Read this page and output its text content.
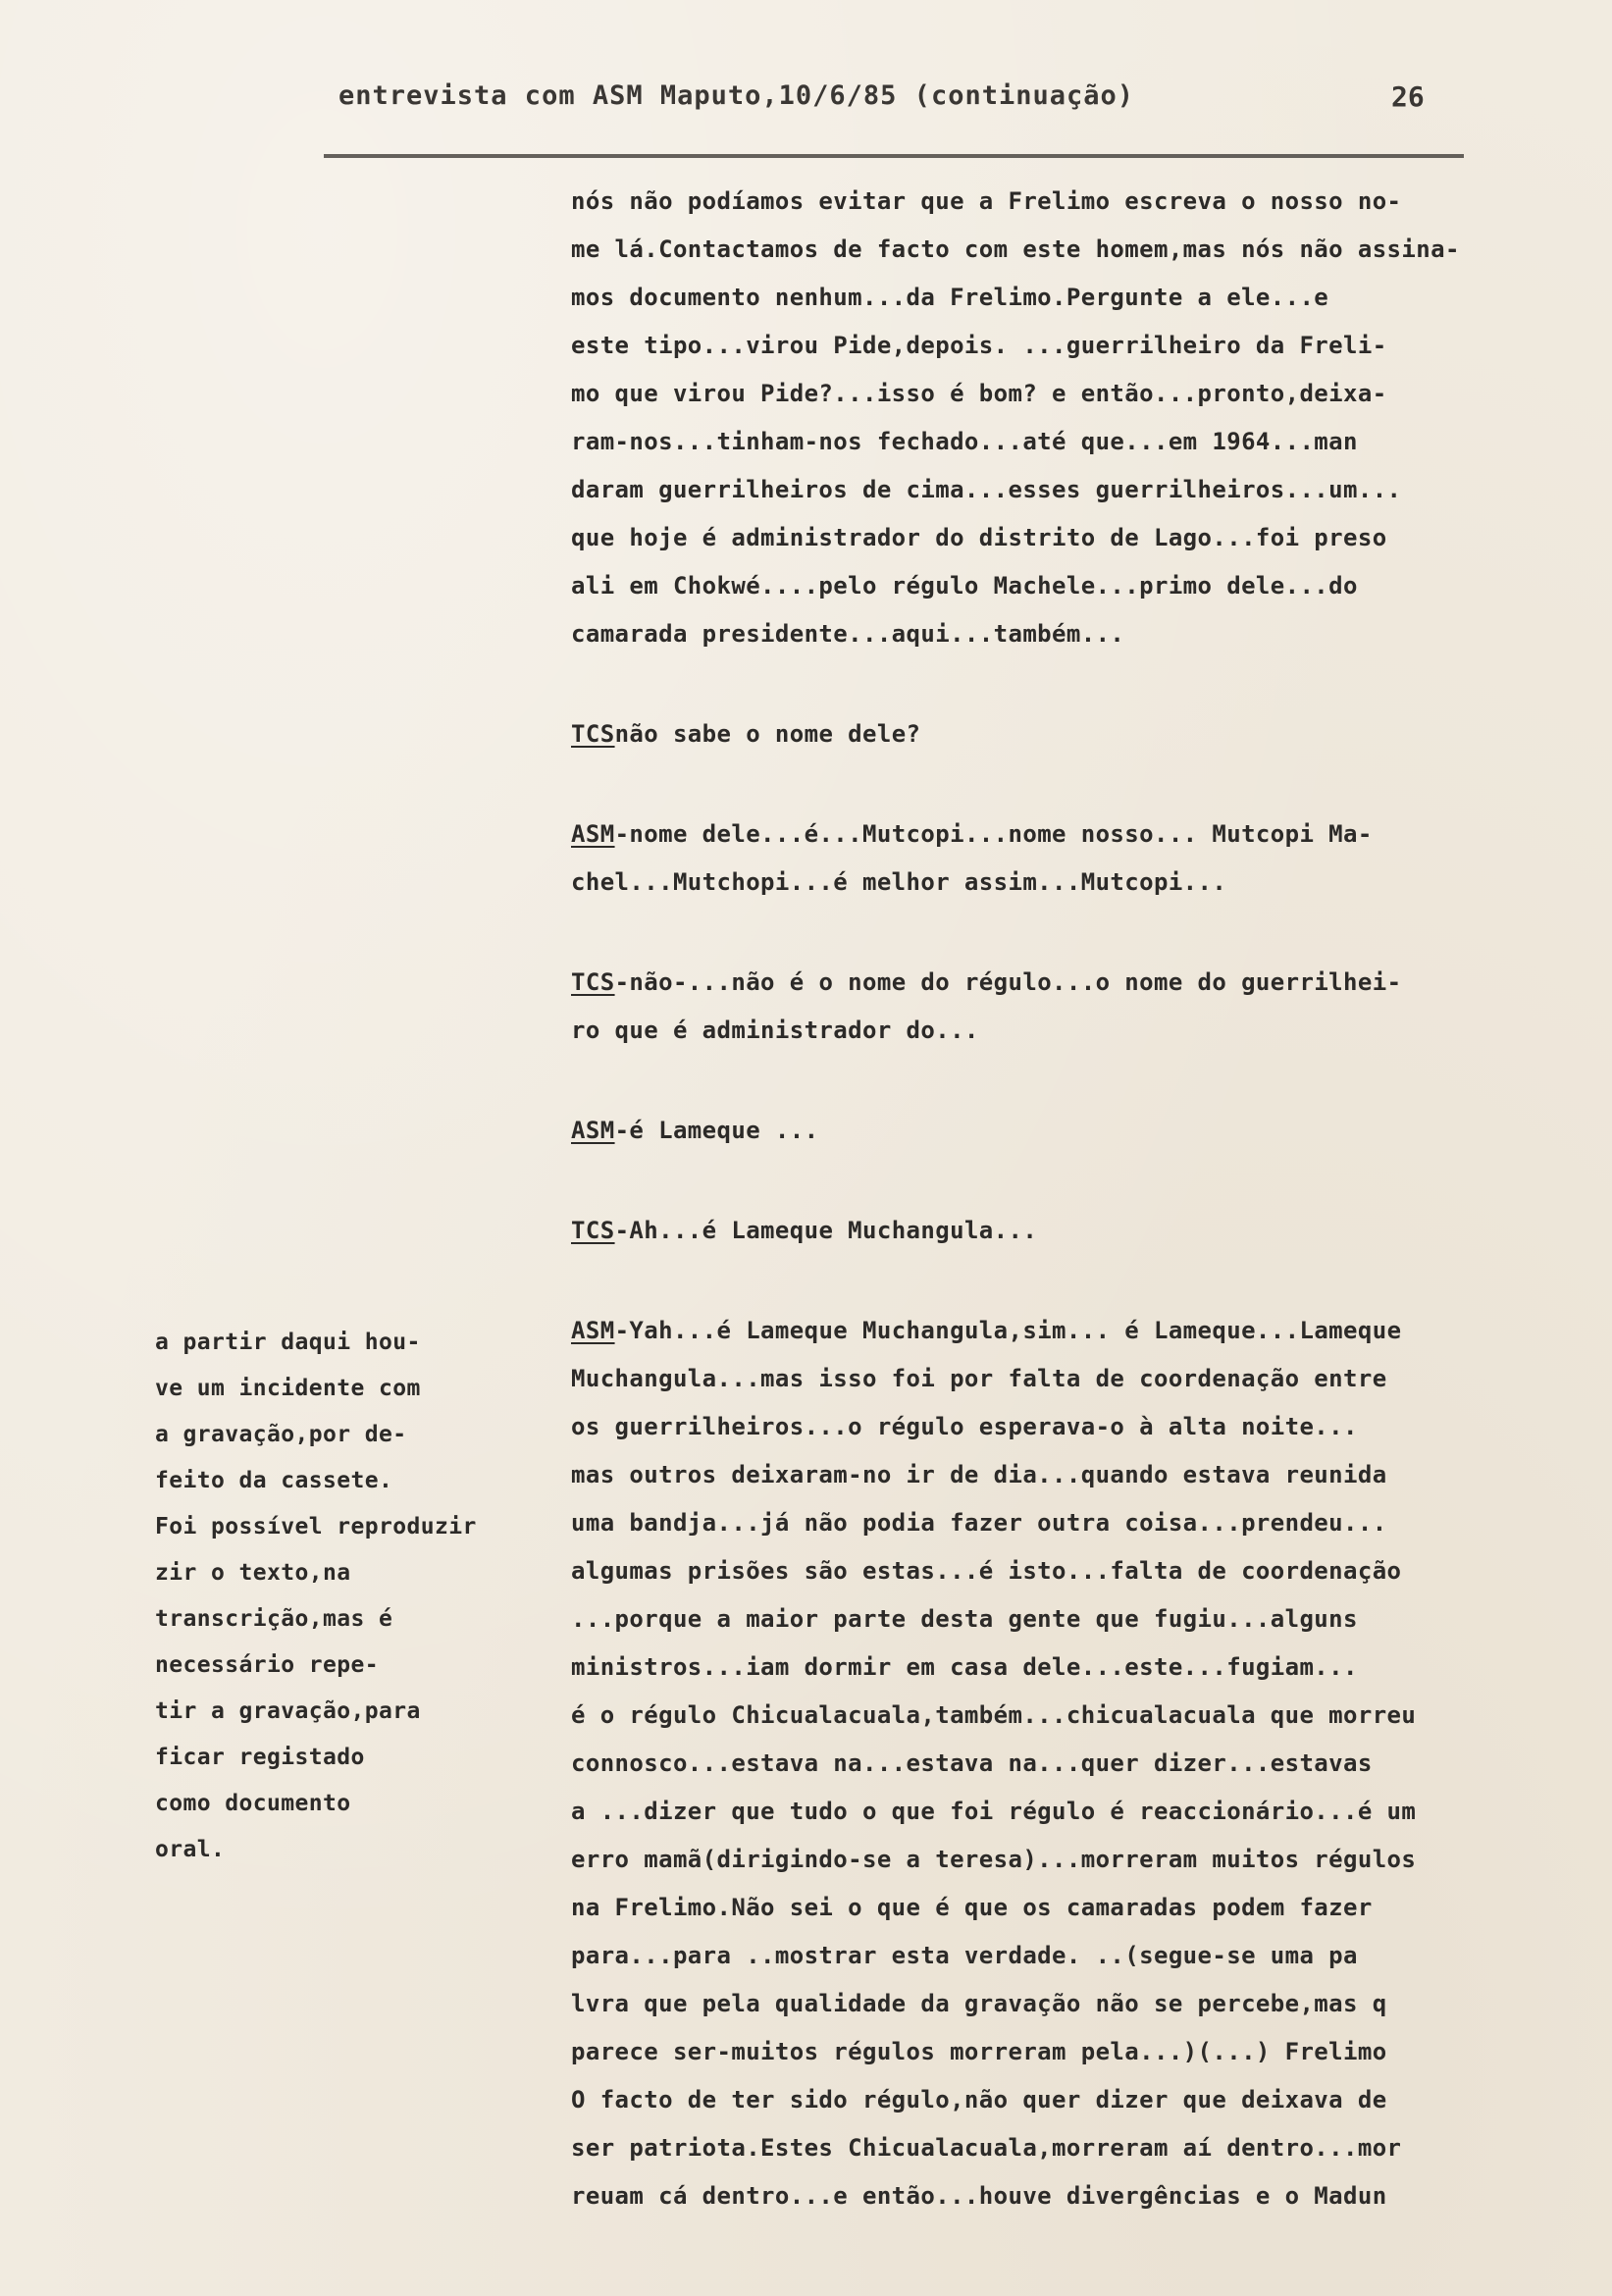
entrevista com ASM Maputo,10/6/85 (continuação)	26
nós não podíamos evitar que a Frelimo escreva o nosso no-
me lá.Contactamos de facto com este homem,mas nós não assina-
mos documento nenhum...da Frelimo.Pergunte a ele...e
este tipo...virou Pide,depois. ...guerrilheiro da Freli-
mo que virou Pide?...isso é bom? e então...pronto,deixa-
ram-nos...tinham-nos fechado...até que...em 1964...man
daram guerrilheiros de cima...esses guerrilheiros...um...
que hoje é administrador do distrito de Lago...foi preso
ali em Chokwé....pelo régulo Machele...primo dele...do
camarada presidente...aqui...também...
TCSnão sabe o nome dele?
ASM-nome dele...é...Mutcopi...nome nosso... Mutcopi Ma-
chel...Mutchopi...é melhor assim...Mutcopi...
TCS-não-...não é o nome do régulo...o nome do guerrilhei-
ro que é administrador do...
ASM-é Lameque ...
TCS-Ah...é Lameque Muchangula...
ASM-Yah...é Lameque Muchangula,sim... é Lameque...Lameque
Muchangula...mas isso foi por falta de coordenação entre
os guerrilheiros...o régulo esperava-o à alta noite...
mas outros deixaram-no ir de dia...quando estava reunida
uma bandja...já não podia fazer outra coisa...prendeu...
algumas prisões são estas...é isto...falta de coordenação
...porque a maior parte desta gente que fugiu...alguns
ministros...iam dormir em casa dele...este...fugiam...
é o régulo Chicualacuala,também...chicualacuala que morreu
connosco...estava na...estava na...quer dizer...estavas
a ...dizer que tudo o que foi régulo é reaccionário...é um
erro mamã(dirigindo-se a teresa)...morreram muitos régulos
na Frelimo.Não sei o que é que os camaradas podem fazer
para...para ..mostrar esta verdade. ..(segue-se uma pa
lvra que pela qualidade da gravação não se percebe,mas q
parece ser-muitos régulos morreram pela...)(...) Frelimo
O facto de ter sido régulo,não quer dizer que deixava de
ser patriota.Estes Chicualacuala,morreram aí dentro...mor
reuam cá dentro...e então...houve divergências e o Madun
a partir daqui hou-
ve um incidente com
a gravação,por de-
feito da cassete.
Foi possível reproduzir
zir o texto,na
transcrição,mas é
necessário repe-
tir a gravação,para
ficar registado
como documento
oral.
